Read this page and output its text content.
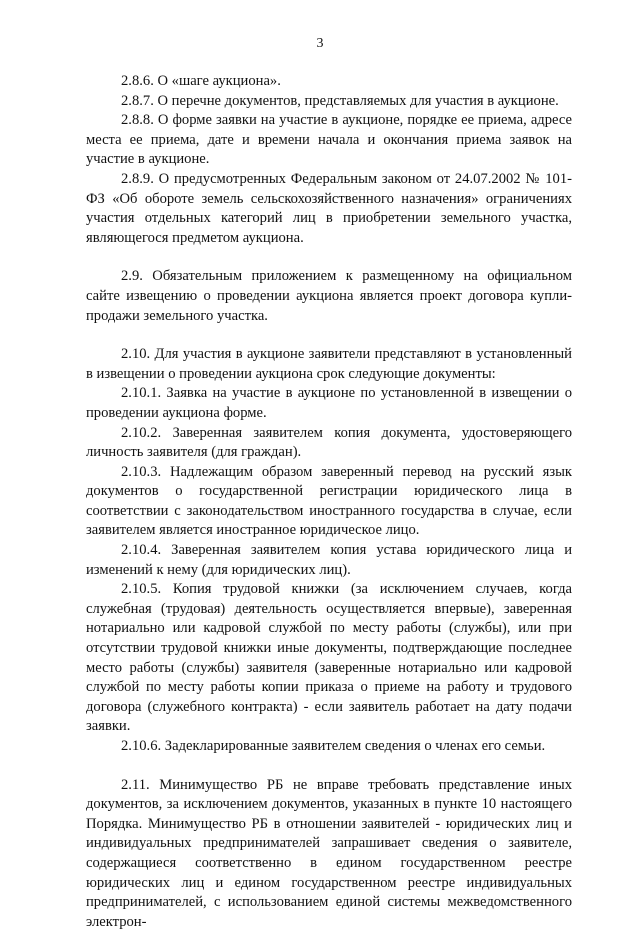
3

2.8.6. О «шаге аукциона».

2.8.7. О перечне документов, представляемых для участия в аукционе.

2.8.8. О форме заявки на участие в аукционе, порядке ее приема, адресе места ее приема, дате и времени начала и окончания приема заявок на участие в аукционе.

2.8.9. О предусмотренных Федеральным законом от 24.07.2002 № 101-ФЗ «Об обороте земель сельскохозяйственного назначения» ограничениях участия отдельных категорий лиц в приобретении земельного участка, являющегося предметом аукциона.

2.9. Обязательным приложением к размещенному на официальном сайте извещению о проведении аукциона является проект договора купли-продажи земельного участка.

2.10. Для участия в аукционе заявители представляют в установленный в извещении о проведении аукциона срок следующие документы:

2.10.1. Заявка на участие в аукционе по установленной в извещении о проведении аукциона форме.

2.10.2. Заверенная заявителем копия документа, удостоверяющего личность заявителя (для граждан).

2.10.3. Надлежащим образом заверенный перевод на русский язык документов о государственной регистрации юридического лица в соответствии с законодательством иностранного государства в случае, если заявителем является иностранное юридическое лицо.

2.10.4. Заверенная заявителем копия устава юридического лица и изменений к нему (для юридических лиц).

2.10.5. Копия трудовой книжки (за исключением случаев, когда служебная (трудовая) деятельность осуществляется впервые), заверенная нотариально или кадровой службой по месту работы (службы), или при отсутствии трудовой книжки иные документы, подтверждающие последнее место работы (службы) заявителя (заверенные нотариально или кадровой службой по месту работы копии приказа о приеме на работу и трудового договора (служебного контракта) - если заявитель работает на дату подачи заявки.

2.10.6. Задекларированные заявителем сведения о членах его семьи.

2.11. Минимущество РБ не вправе требовать представление иных документов, за исключением документов, указанных в пункте 10 настоящего Порядка. Минимущество РБ в отношении заявителей - юридических лиц и индивидуальных предпринимателей запрашивает сведения о заявителе, содержащиеся соответственно в едином государственном реестре юридических лиц и едином государственном реестре индивидуальных предпринимателей, с использованием единой системы межведомственного электрон-
